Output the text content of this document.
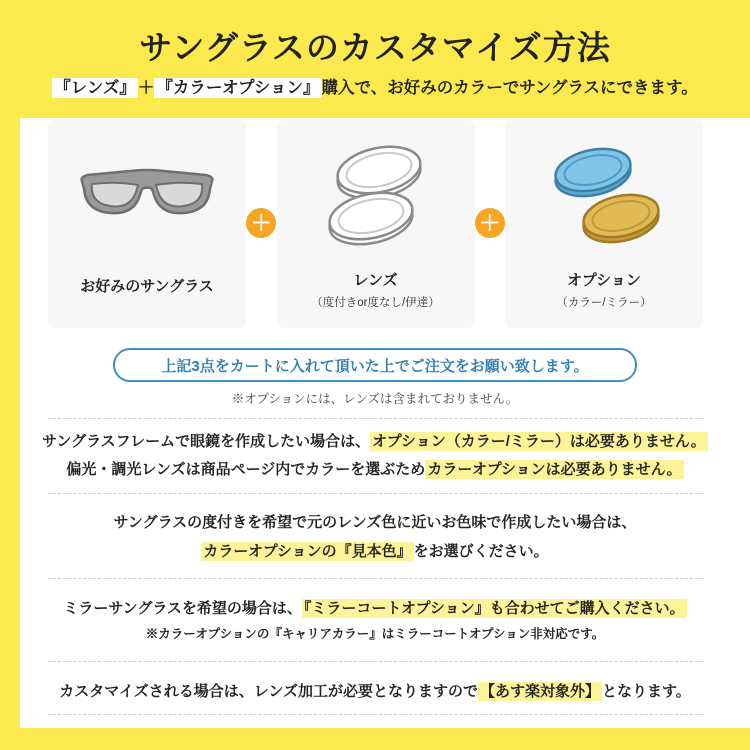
サングラスのカスタマイズ方法
『レンズ』 ＋ 『カラーオプション』 購入で、お好みのカラーでサングラスにできます。
お好みのサングラス
＋
レンズ
（度付きor度なし/伊達）
＋
オプション
（カラー/ミラー）
上記3点をカートに入れて頂いた上でご注文をお願い致します。
※オプションには、レンズは含まれておりません。
サングラスフレームで眼鏡を作成したい場合は、 オプション（カラー/ミラー）は必要ありません。
偏光・調光レンズは商品ページ内でカラーを選ぶため カラーオプションは必要ありません。
サングラスの度付きを希望で元のレンズ色に近いお色味で作成したい場合は、
カラーオプションの『見本色』 をお選びください。
ミラーサングラスを希望の場合は、 『ミラーコートオプション』も合わせてご購入ください。
※カラーオプションの『キャリアカラー』はミラーコートオプション非対応です。
カスタマイズされる場合は、レンズ加工が必要となりますので 【あす楽対象外】 となります。
